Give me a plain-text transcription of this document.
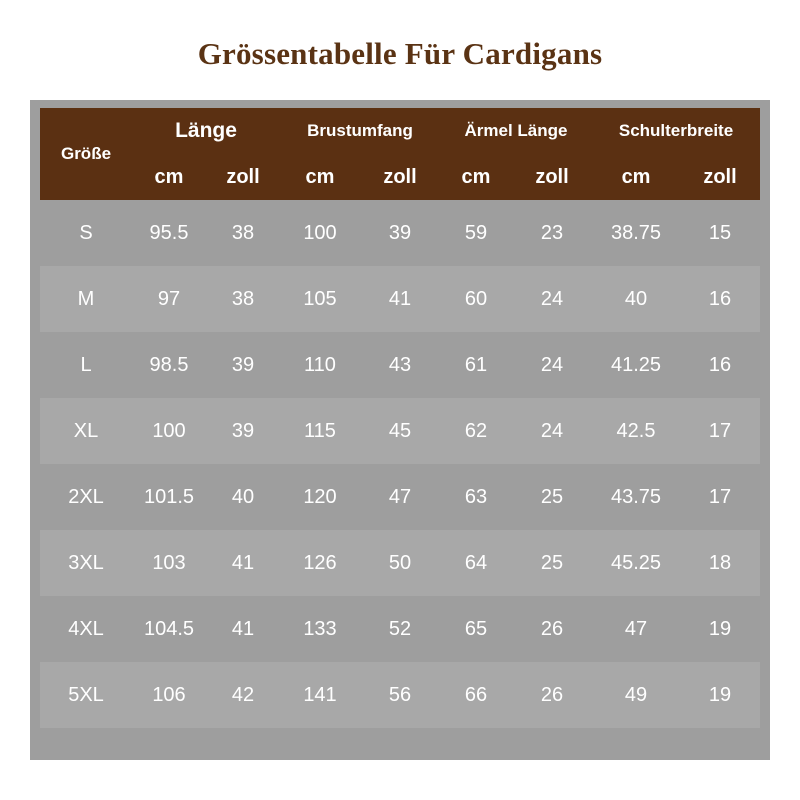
Grössentabelle Für Cardigans
Größe	Länge		Brustumfang		Ärmel Länge		Schulterbreite	
	cm	zoll	cm	zoll	cm	zoll	cm	zoll
S	95.5	38	100	39	59	23	38.75	15
M	97	38	105	41	60	24	40	16
L	98.5	39	110	43	61	24	41.25	16
XL	100	39	115	45	62	24	42.5	17
2XL	101.5	40	120	47	63	25	43.75	17
3XL	103	41	126	50	64	25	45.25	18
4XL	104.5	41	133	52	65	26	47	19
5XL	106	42	141	56	66	26	49	19
